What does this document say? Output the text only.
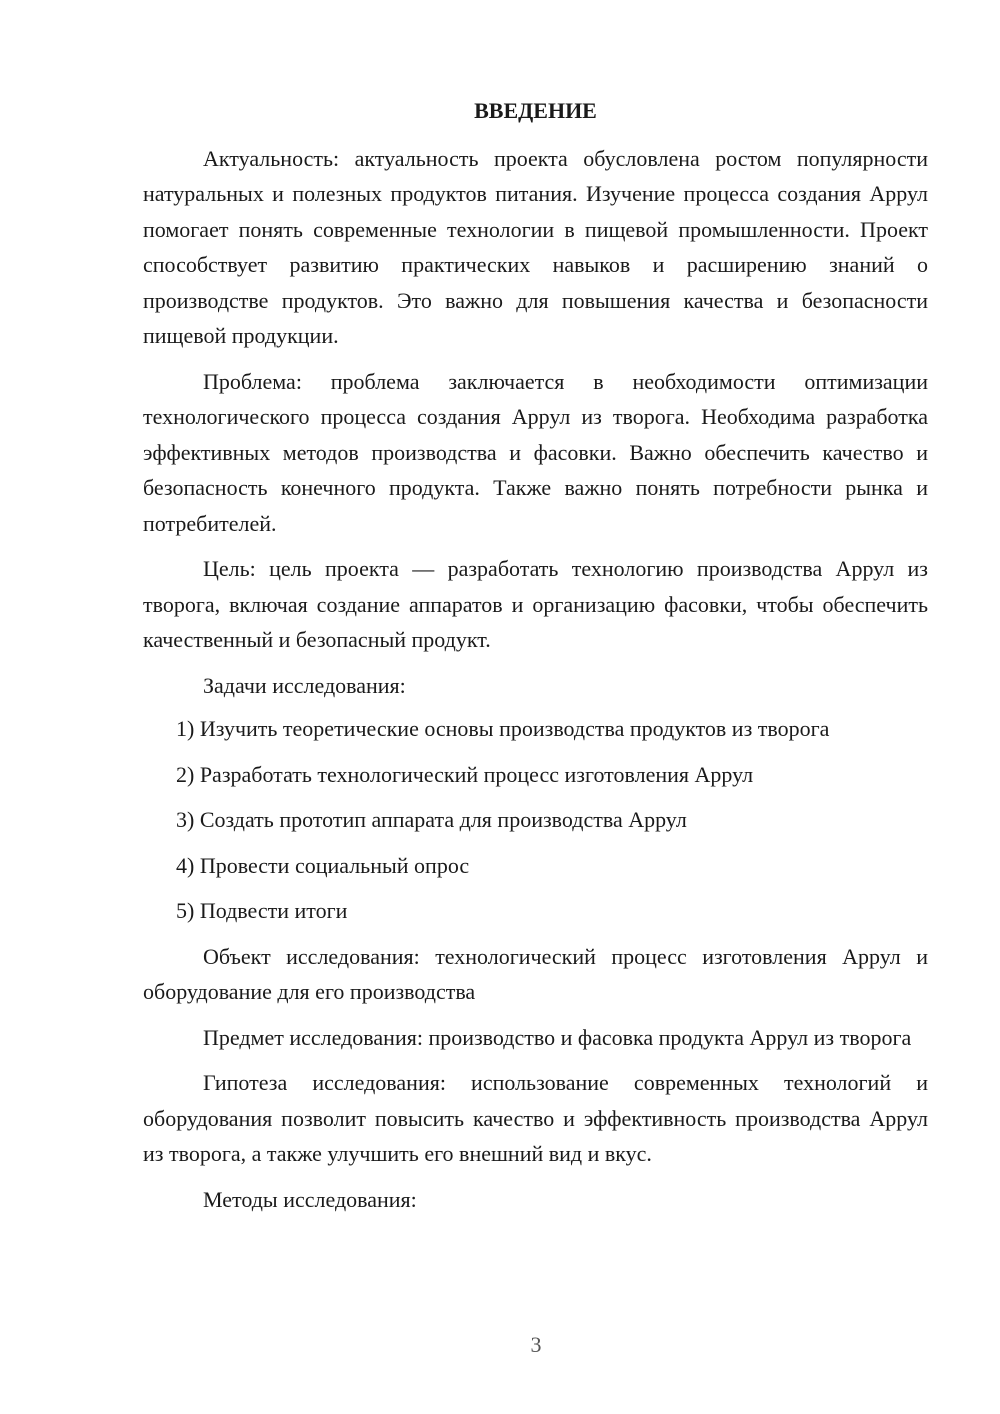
ВВЕДЕНИЕ

Актуальность: актуальность проекта обусловлена ростом популярности натуральных и полезных продуктов питания. Изучение процесса создания Аррул помогает понять современные технологии в пищевой промышленности. Проект способствует развитию практических навыков и расширению знаний о производстве продуктов. Это важно для повышения качества и безопасности пищевой продукции.

Проблема: проблема заключается в необходимости оптимизации технологического процесса создания Аррул из творога. Необходима разработка эффективных методов производства и фасовки. Важно обеспечить качество и безопасность конечного продукта. Также важно понять потребности рынка и потребителей.

Цель: цель проекта — разработать технологию производства Аррул из творога, включая создание аппаратов и организацию фасовки, чтобы обеспечить качественный и безопасный продукт.

Задачи исследования:

1) Изучить теоретические основы производства продуктов из творога
2) Разработать технологический процесс изготовления Аррул
3) Создать прототип аппарата для производства Аррул
4) Провести социальный опрос
5) Подвести итоги

Объект исследования: технологический процесс изготовления Аррул и оборудование для его производства

Предмет исследования: производство и фасовка продукта Аррул из творога

Гипотеза исследования: использование современных технологий и оборудования позволит повысить качество и эффективность производства Аррул из творога, а также улучшить его внешний вид и вкус.

Методы исследования:

3
